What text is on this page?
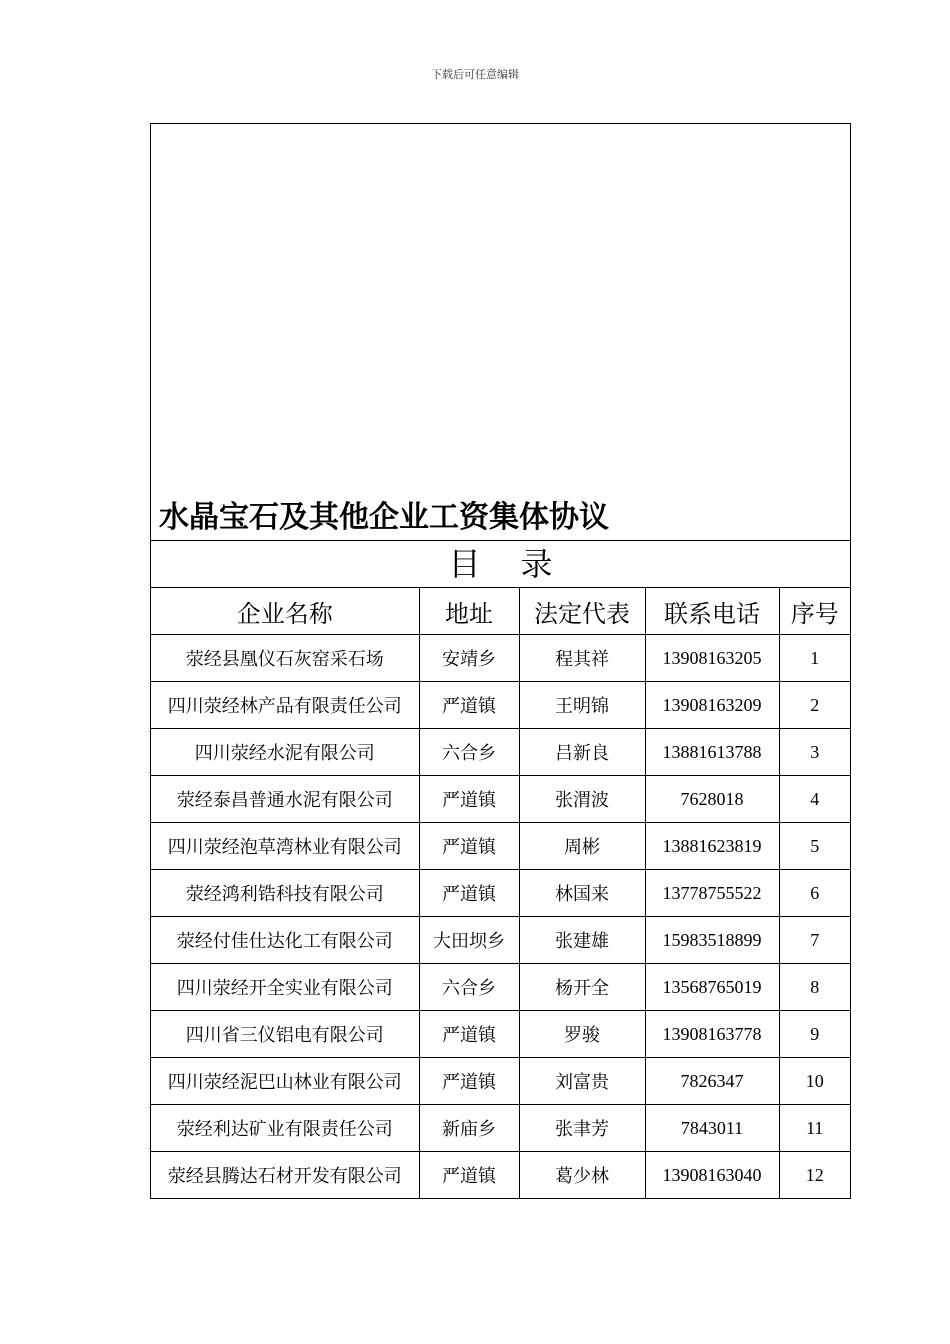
下载后可任意编辑
水晶宝石及其他企业工资集体协议
目录
企业名称	地址	法定代表	联系电话	序号
荥经县凰仪石灰窑采石场	安靖乡	程其祥	13908163205	1
四川荥经林产品有限责任公司	严道镇	王明锦	13908163209	2
四川荥经水泥有限公司	六合乡	吕新良	13881613788	3
荥经泰昌普通水泥有限公司	严道镇	张渭波	7628018	4
四川荥经泡草湾林业有限公司	严道镇	周彬	13881623819	5
荥经鸿利锆科技有限公司	严道镇	林国来	13778755522	6
荥经付佳仕达化工有限公司	大田坝乡	张建雄	15983518899	7
四川荥经开全实业有限公司	六合乡	杨开全	13568765019	8
四川省三仪铝电有限公司	严道镇	罗骏	13908163778	9
四川荥经泥巴山林业有限公司	严道镇	刘富贵	7826347	10
荥经利达矿业有限责任公司	新庙乡	张聿芳	7843011	11
荥经县腾达石材开发有限公司	严道镇	葛少林	13908163040	12
